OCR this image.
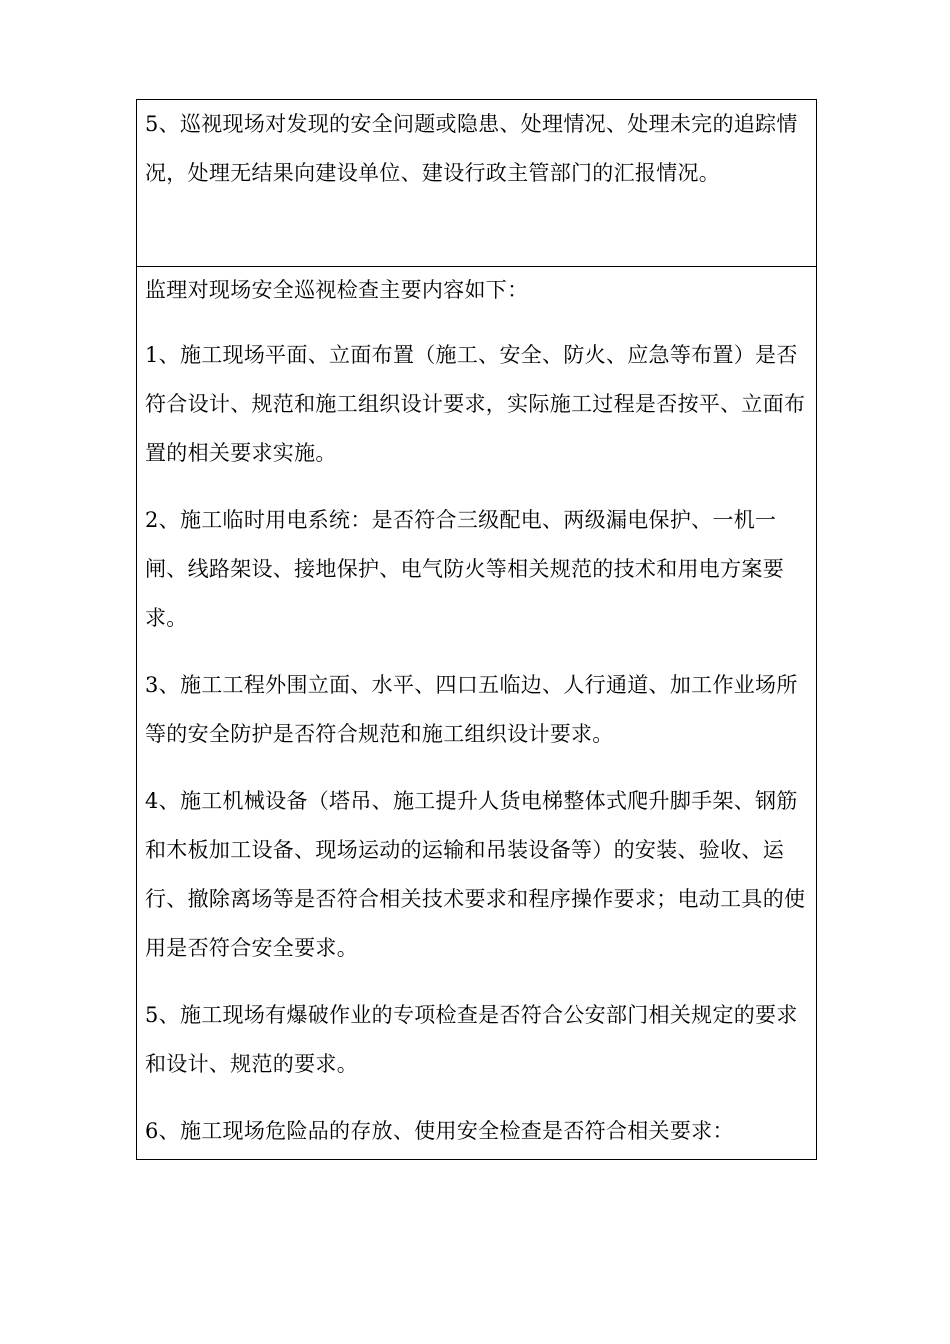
5、巡视现场对发现的安全问题或隐患、处理情况、处理未完的追踪情况，处理无结果向建设单位、建设行政主管部门的汇报情况。

监理对现场安全巡视检查主要内容如下：

1、施工现场平面、立面布置（施工、安全、防火、应急等布置）是否符合设计、规范和施工组织设计要求，实际施工过程是否按平、立面布置的相关要求实施。

2、施工临时用电系统：是否符合三级配电、两级漏电保护、一机一闸、线路架设、接地保护、电气防火等相关规范的技术和用电方案要求。

3、施工工程外围立面、水平、四口五临边、人行通道、加工作业场所等的安全防护是否符合规范和施工组织设计要求。

4、施工机械设备（塔吊、施工提升人货电梯整体式爬升脚手架、钢筋和木板加工设备、现场运动的运输和吊装设备等）的安装、验收、运行、撤除离场等是否符合相关技术要求和程序操作要求；电动工具的使用是否符合安全要求。

5、施工现场有爆破作业的专项检查是否符合公安部门相关规定的要求和设计、规范的要求。

6、施工现场危险品的存放、使用安全检查是否符合相关要求：
